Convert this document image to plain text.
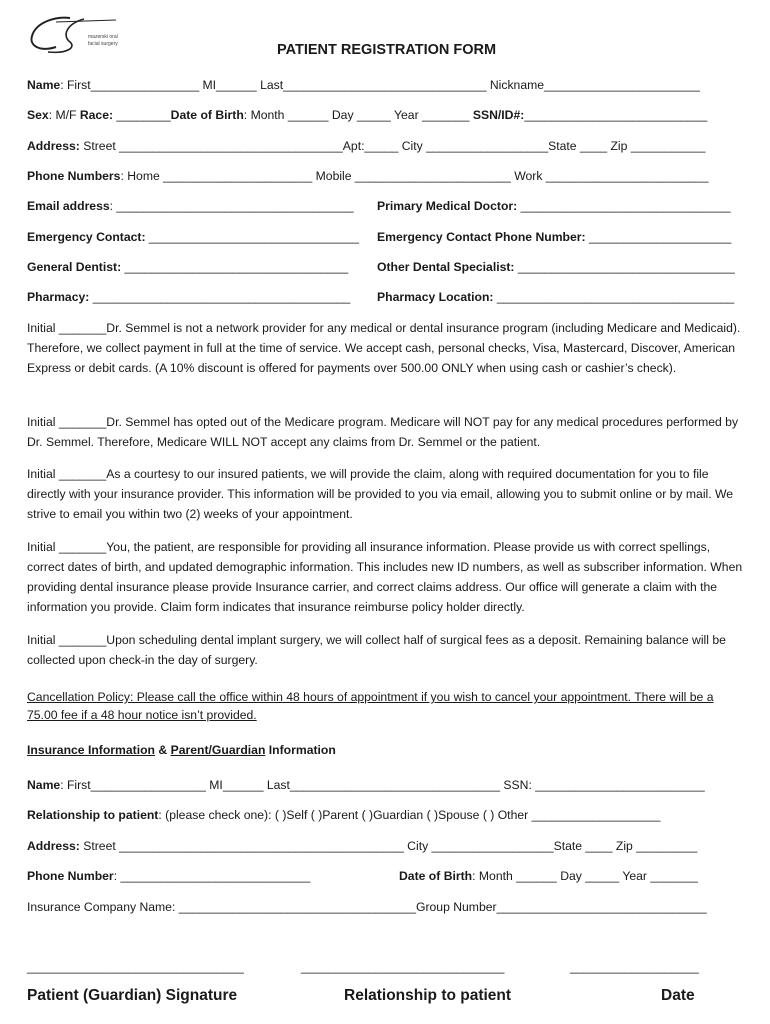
mazerski oral
facial surgery	PATIENT REGISTRATION FORM
Name: First________________ MI______ Last______________________________ Nickname_______________________
Sex: M/F Race: ________Date of Birth: Month ______ Day _____ Year _______ SSN/ID#:___________________________
Address: Street _________________________________Apt:_____ City __________________State ____ Zip ___________
Phone Numbers: Home ______________________ Mobile _______________________ Work ________________________
Email address: ___________________________________ Primary Medical Doctor: _______________________________
Emergency Contact: _______________________________ Emergency Contact Phone Number: _____________________
General Dentist: _________________________________ Other Dental Specialist: ________________________________
Pharmacy: ______________________________________ Pharmacy Location: ___________________________________
Initial _______Dr. Semmel is not a network provider for any medical or dental insurance program (including Medicare and Medicaid). Therefore, we collect payment in full at the time of service. We accept cash, personal checks, Visa, Mastercard, Discover, American Express or debit cards. (A 10% discount is offered for payments over 500.00 ONLY when using cash or cashier’s check).
Initial _______Dr. Semmel has opted out of the Medicare program. Medicare will NOT pay for any medical procedures performed by Dr. Semmel. Therefore, Medicare WILL NOT accept any claims from Dr. Semmel or the patient.
Initial _______As a courtesy to our insured patients, we will provide the claim, along with required documentation for you to file directly with your insurance provider. This information will be provided to you via email, allowing you to submit online or by mail. We strive to email you within two (2) weeks of your appointment.
Initial _______You, the patient, are responsible for providing all insurance information. Please provide us with correct spellings, correct dates of birth, and updated demographic information. This includes new ID numbers, as well as subscriber information. When providing dental insurance please provide Insurance carrier, and correct claims address. Our office will generate a claim with the information you provide. Claim form indicates that insurance reimburse policy holder directly.
Initial _______Upon scheduling dental implant surgery, we will collect half of surgical fees as a deposit. Remaining balance will be collected upon check-in the day of surgery.
Cancellation Policy: Please call the office within 48 hours of appointment if you wish to cancel your appointment. There will be a 75.00 fee if a 48 hour notice isn’t provided.
Insurance Information & Parent/Guardian Information
Name: First_________________ MI______ Last_______________________________ SSN: _________________________
Relationship to patient: (please check one): ( )Self ( )Parent ( )Guardian ( )Spouse ( ) Other ___________________
Address: Street __________________________________________ City __________________State ____ Zip _________
Phone Number: ____________________________	Date of Birth: Month ______ Day _____ Year _______
Insurance Company Name: ___________________________________Group Number_______________________________
________________________________	______________________________	___________________
Patient (Guardian) Signature	Relationship to patient	Date
